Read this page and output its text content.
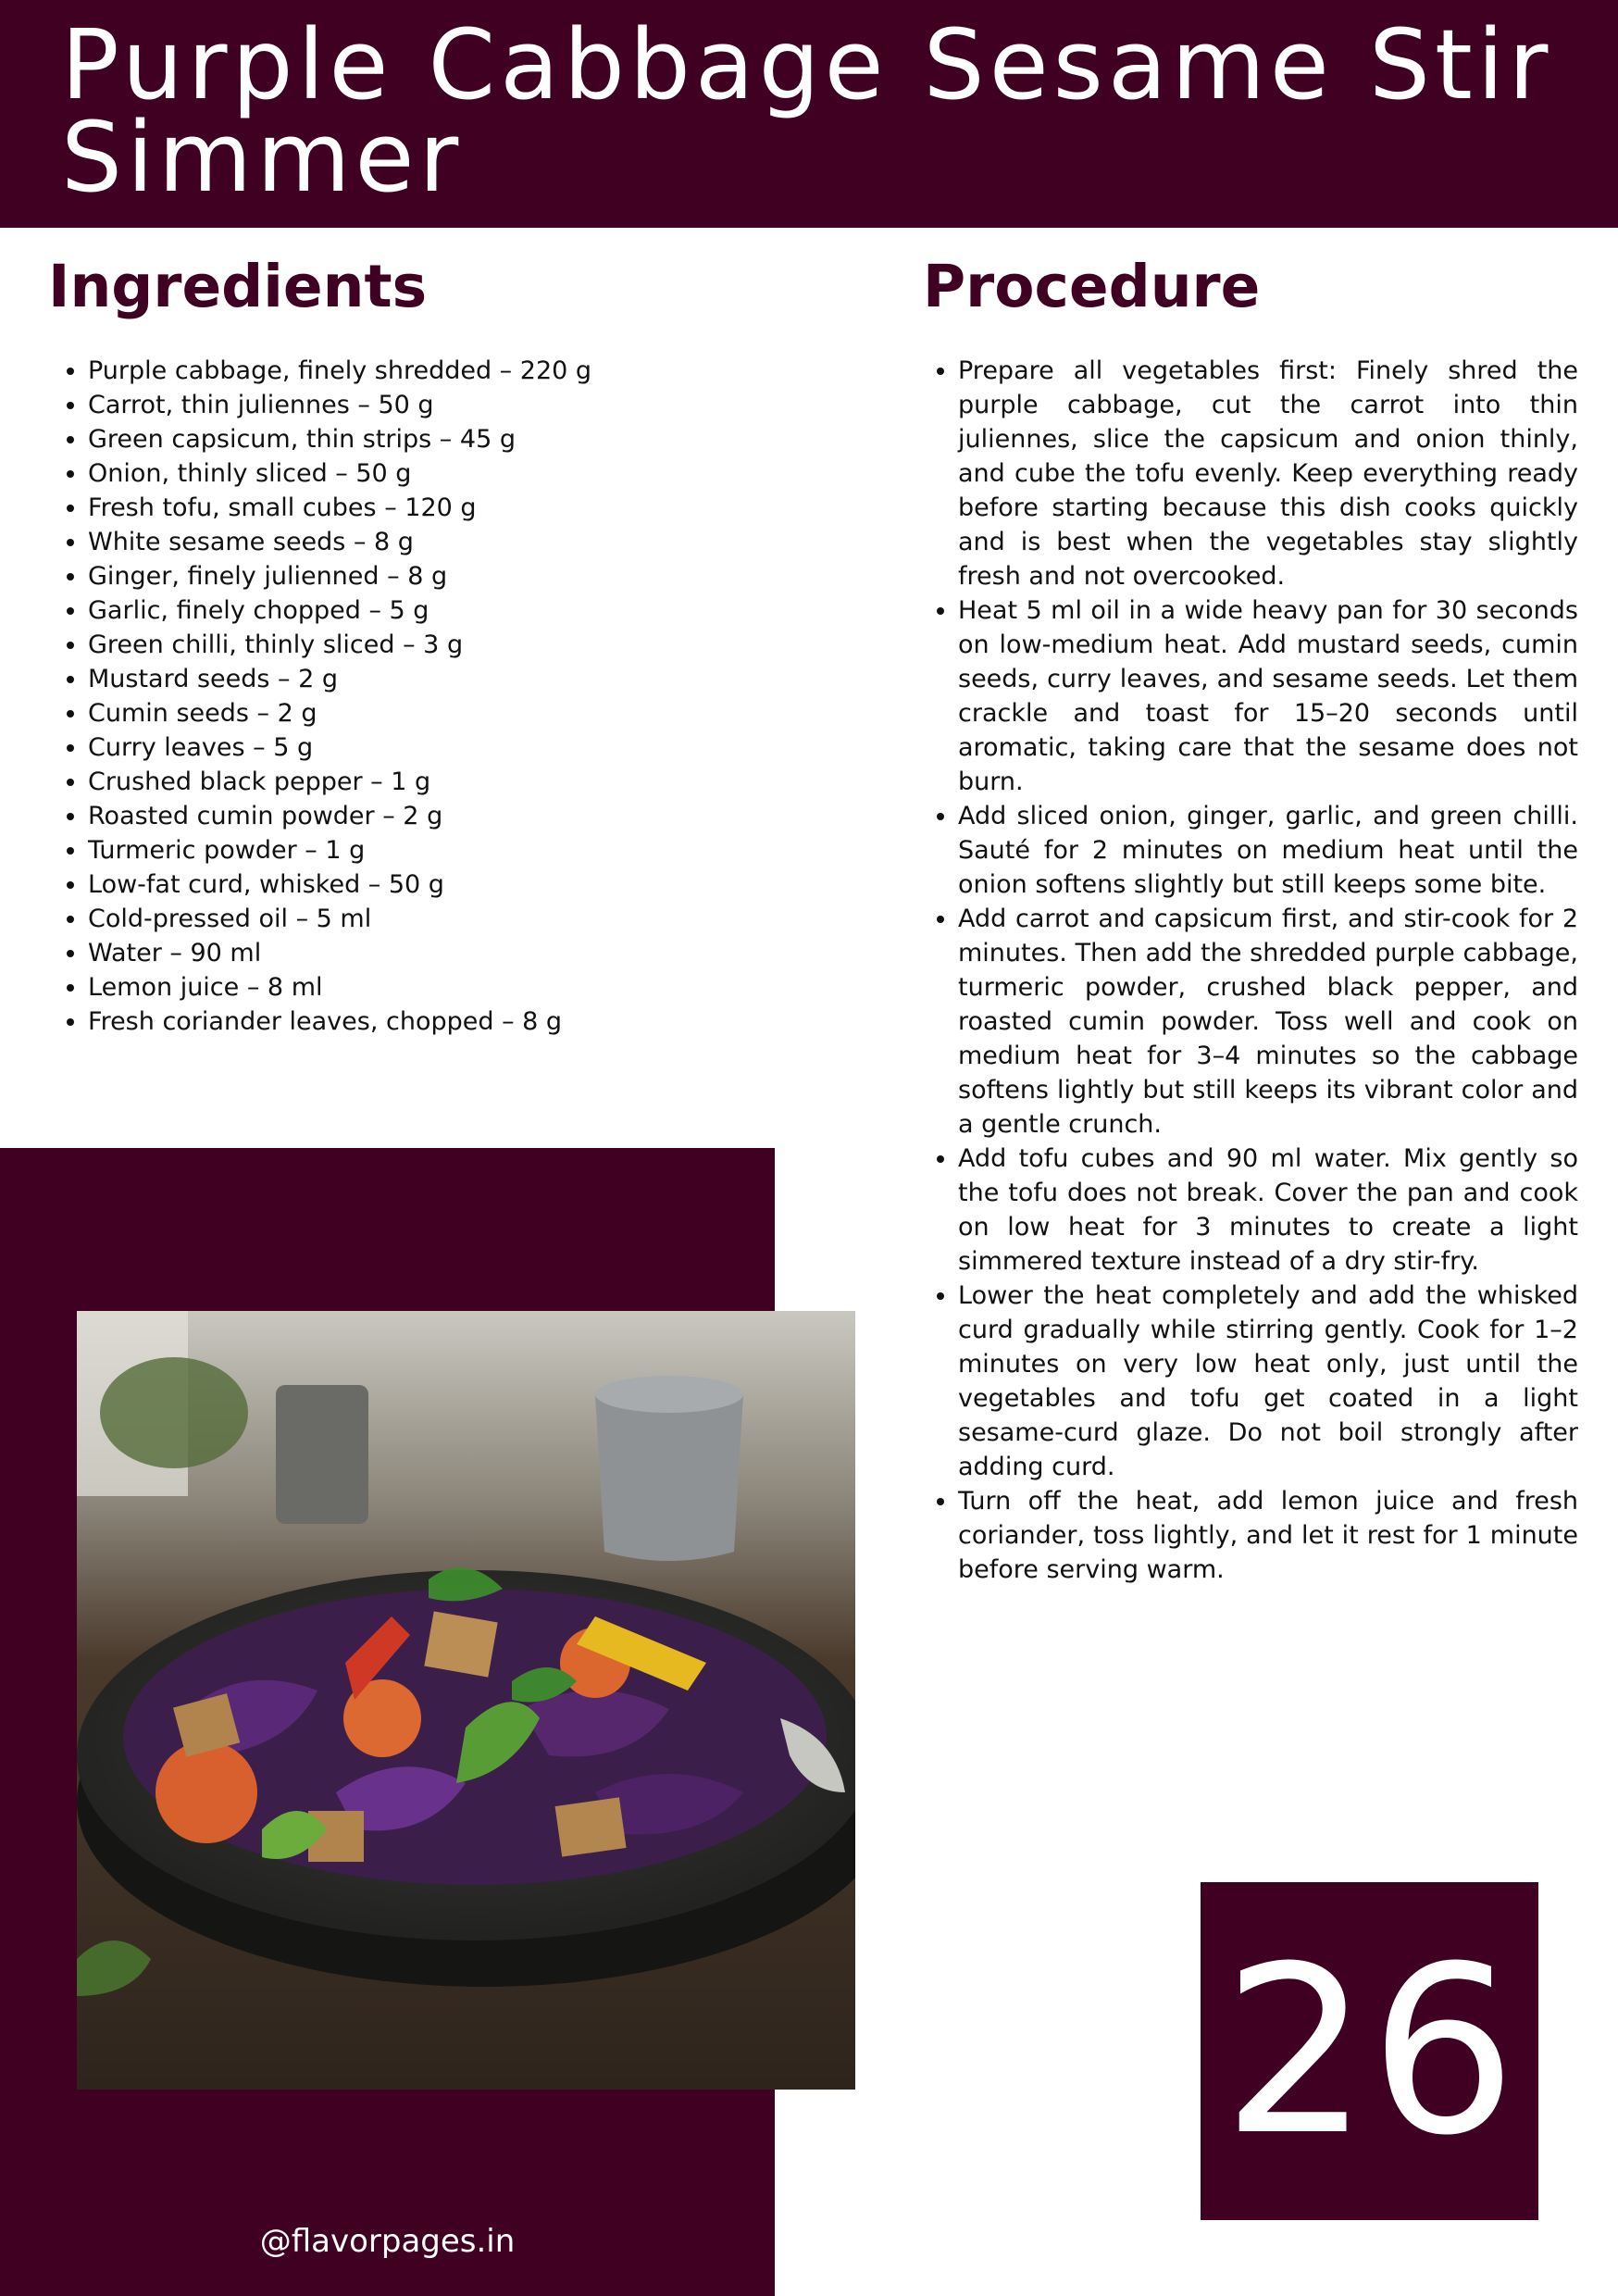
Purple Cabbage Sesame Stir Simmer
Ingredients	Procedure
• Purple cabbage, finely shredded – 220 g
• Carrot, thin juliennes – 50 g
• Green capsicum, thin strips – 45 g
• Onion, thinly sliced – 50 g
• Fresh tofu, small cubes – 120 g
• White sesame seeds – 8 g
• Ginger, finely julienned – 8 g
• Garlic, finely chopped – 5 g
• Green chilli, thinly sliced – 3 g
• Mustard seeds – 2 g
• Cumin seeds – 2 g
• Curry leaves – 5 g
• Crushed black pepper – 1 g
• Roasted cumin powder – 2 g
• Turmeric powder – 1 g
• Low-fat curd, whisked – 50 g
• Cold-pressed oil – 5 ml
• Water – 90 ml
• Lemon juice – 8 ml
• Fresh coriander leaves, chopped – 8 g
• Prepare all vegetables first: Finely shred the purple cabbage, cut the carrot into thin juliennes, slice the capsicum and onion thinly, and cube the tofu evenly. Keep everything ready before starting because this dish cooks quickly and is best when the vegetables stay slightly fresh and not overcooked.
• Heat 5 ml oil in a wide heavy pan for 30 seconds on low-medium heat. Add mustard seeds, cumin seeds, curry leaves, and sesame seeds. Let them crackle and toast for 15–20 seconds until aromatic, taking care that the sesame does not burn.
• Add sliced onion, ginger, garlic, and green chilli. Sauté for 2 minutes on medium heat until the onion softens slightly but still keeps some bite.
• Add carrot and capsicum first, and stir-cook for 2 minutes. Then add the shredded purple cabbage, turmeric powder, crushed black pepper, and roasted cumin powder. Toss well and cook on medium heat for 3–4 minutes so the cabbage softens lightly but still keeps its vibrant color and a gentle crunch.
• Add tofu cubes and 90 ml water. Mix gently so the tofu does not break. Cover the pan and cook on low heat for 3 minutes to create a light simmered texture instead of a dry stir-fry.
• Lower the heat completely and add the whisked curd gradually while stirring gently. Cook for 1–2 minutes on very low heat only, just until the vegetables and tofu get coated in a light sesame-curd glaze. Do not boil strongly after adding curd.
• Turn off the heat, add lemon juice and fresh coriander, toss lightly, and let it rest for 1 minute before serving warm.
@flavorpages.in
26
